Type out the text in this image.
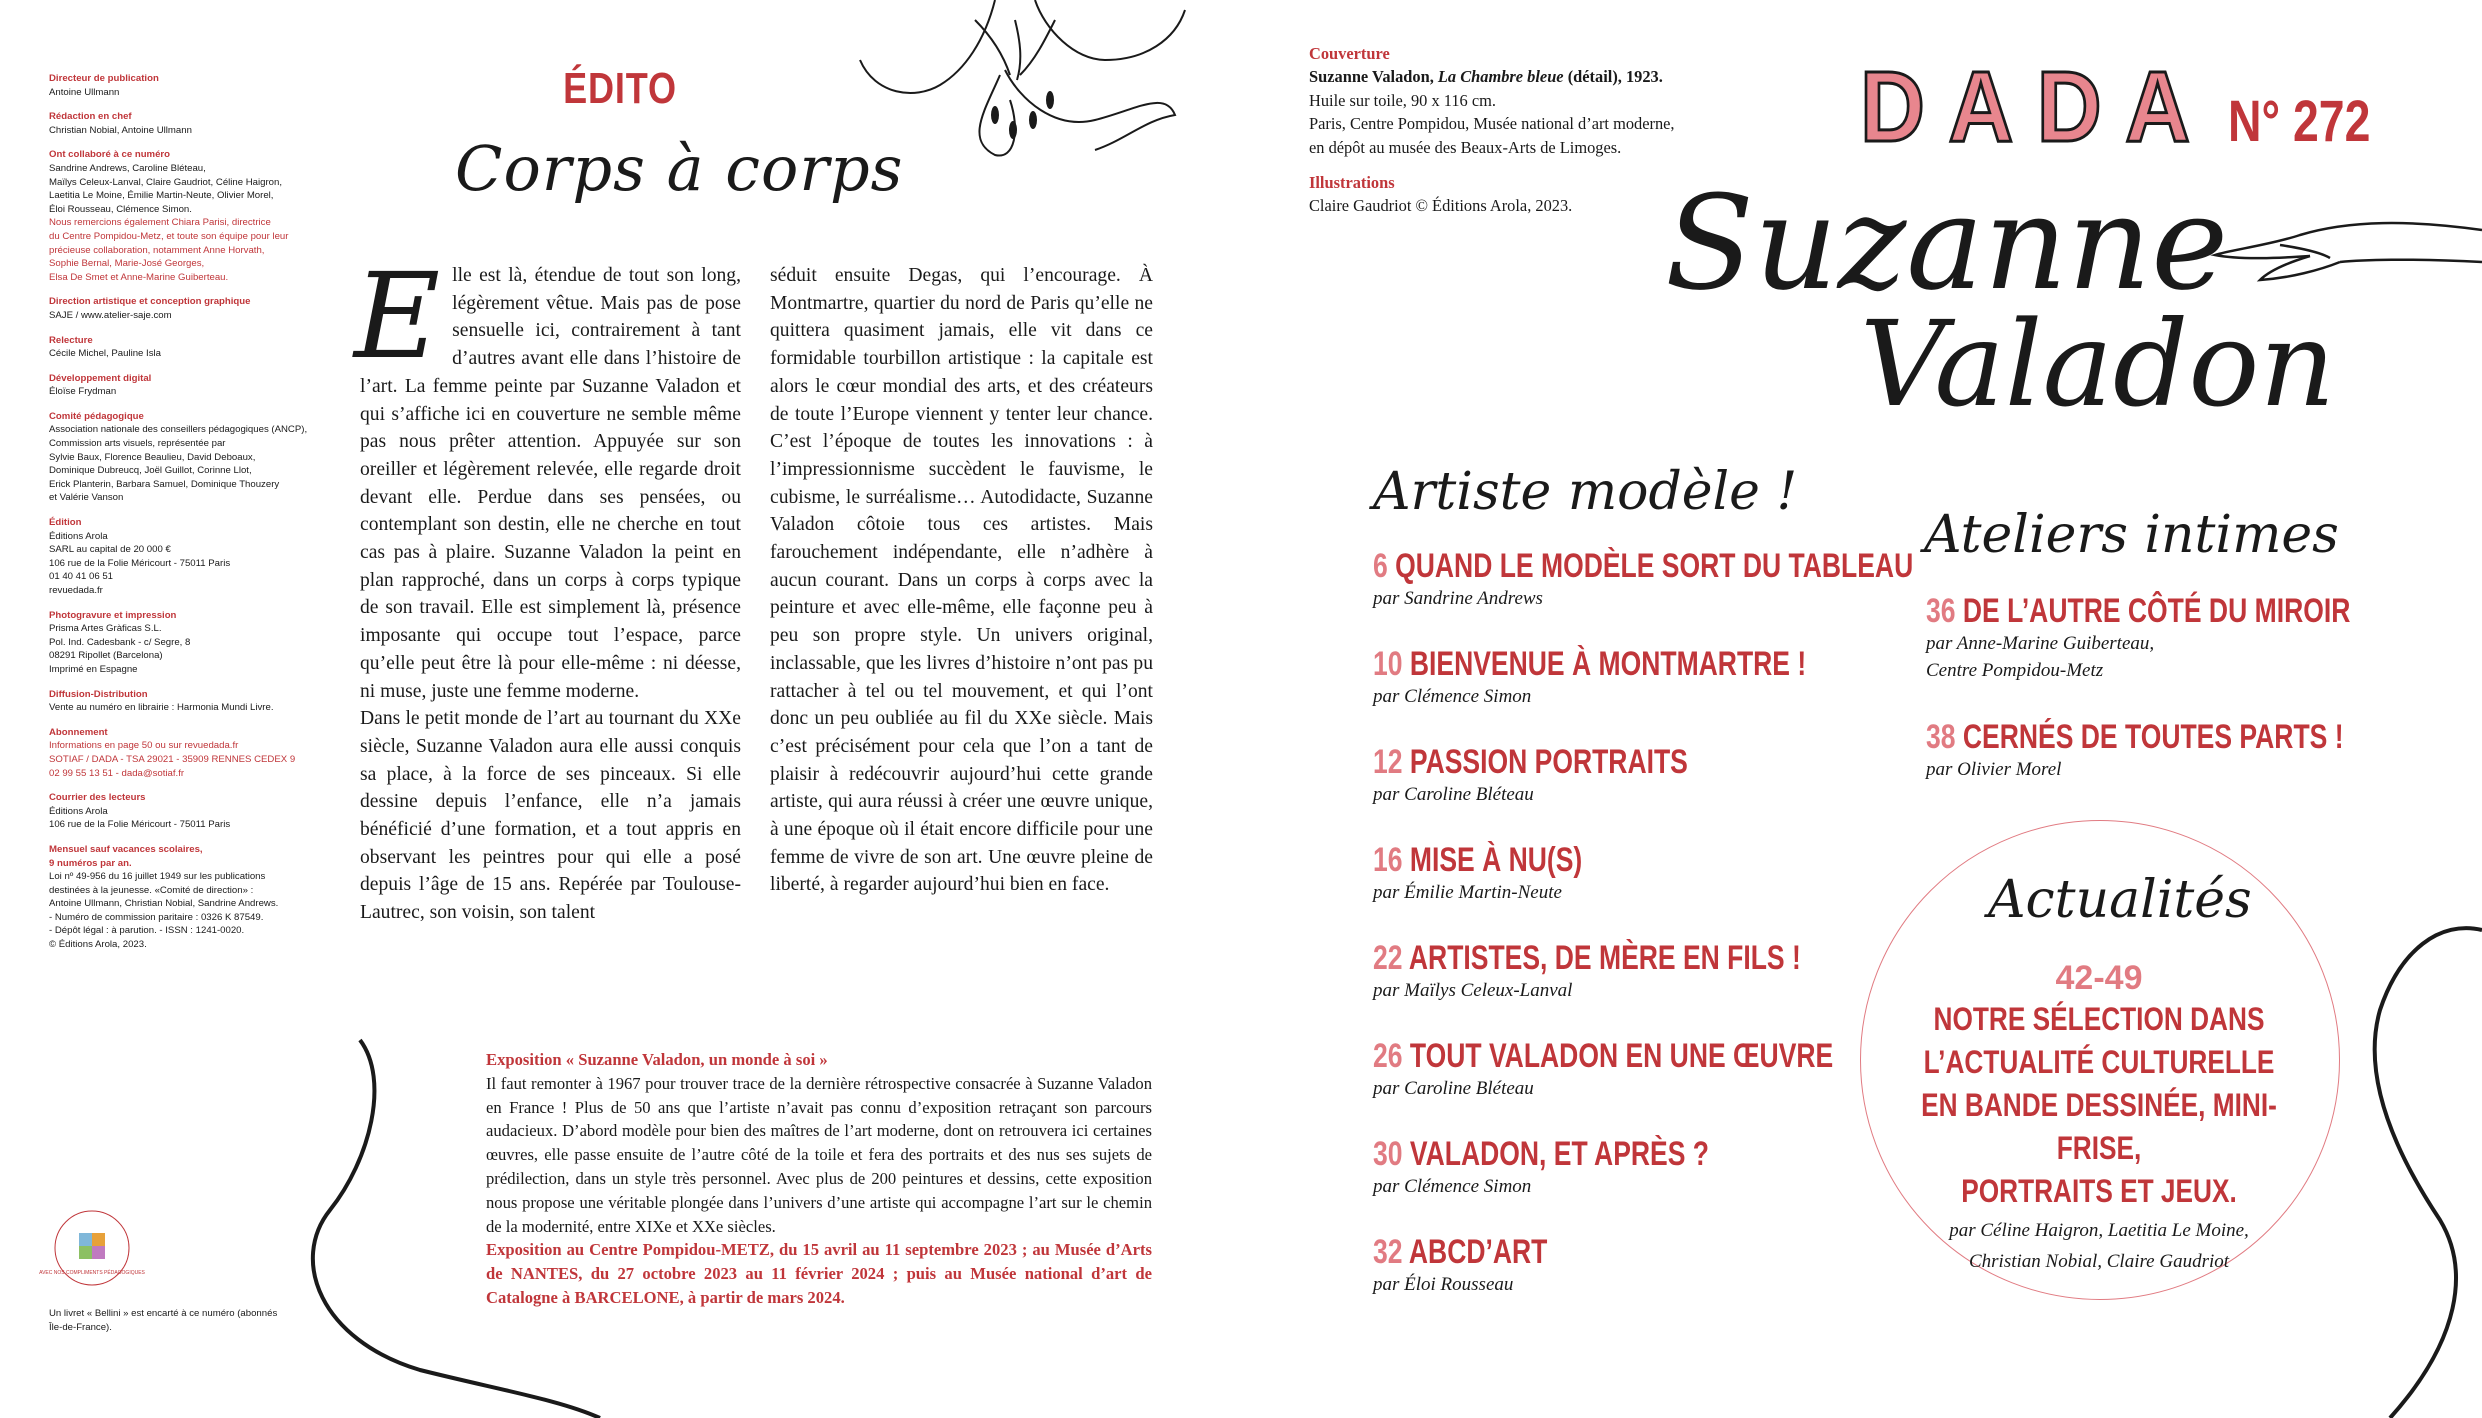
Directeur de publication
Antoine Ullmann
Rédaction en chef
Christian Nobial, Antoine Ullmann
Ont collaboré à ce numéro
Sandrine Andrews, Caroline Bléteau,
Maïlys Celeux-Lanval, Claire Gaudriot, Céline Haigron,
Laetitia Le Moine, Émilie Martin-Neute, Olivier Morel,
Éloi Rousseau, Clémence Simon.
Nous remercions également Chiara Parisi, directrice
du Centre Pompidou-Metz, et toute son équipe pour leur
précieuse collaboration, notamment Anne Horvath,
Sophie Bernal, Marie-José Georges,
Elsa De Smet et Anne-Marine Guiberteau.
Direction artistique et conception graphique
SAJE / www.atelier-saje.com
Relecture
Cécile Michel, Pauline Isla
Développement digital
Éloïse Frydman
Comité pédagogique
Association nationale des conseillers pédagogiques (ANCP),
Commission arts visuels, représentée par
Sylvie Baux, Florence Beaulieu, David Deboaux,
Dominique Dubreucq, Joël Guillot, Corinne Llot,
Erick Planterin, Barbara Samuel, Dominique Thouzery
et Valérie Vanson
Édition
Éditions Arola
SARL au capital de 20 000 €
106 rue de la Folie Méricourt - 75011 Paris
01 40 41 06 51
revuedada.fr
Photogravure et impression
Prisma Artes Gràficas S.L.
Pol. Ind. Cadesbank - c/ Segre, 8
08291 Ripollet (Barcelona)
Imprimé en Espagne
Diffusion-Distribution
Vente au numéro en librairie : Harmonia Mundi Livre.
Abonnement
Informations en page 50 ou sur revuedada.fr
SOTIAF / DADA - TSA 29021 - 35909 RENNES CEDEX 9
02 99 55 13 51 - dada@sotiaf.fr
Courrier des lecteurs
Éditions Arola
106 rue de la Folie Méricourt - 75011 Paris
Mensuel sauf vacances scolaires,
9 numéros par an.
Loi nº 49-956 du 16 juillet 1949 sur les publications
destinées à la jeunesse. «Comité de direction» :
Antoine Ullmann, Christian Nobial, Sandrine Andrews.
- Numéro de commission paritaire : 0326 K 87549.
- Dépôt légal : à parution. - ISSN : 1241-0020.
© Éditions Arola, 2023.
AVEC NOS COMPLIMENTS PÉDAGOGIQUES
Un livret « Bellini » est encarté à ce numéro (abonnés Île-de-France).
ÉDITO
Corps à corps
E lle est là, étendue de tout son long, légèrement vêtue. Mais pas de pose sensuelle ici, contrairement à tant d’autres avant elle dans l’histoire de l’art. La femme peinte par Suzanne Valadon et qui s’affiche ici en couverture ne semble même pas nous prêter attention. Appuyée sur son oreiller et légèrement relevée, elle regarde droit devant elle. Perdue dans ses pensées, ou contemplant son destin, elle ne cherche en tout cas pas à plaire. Suzanne Valadon la peint en plan rapproché, dans un corps à corps typique de son travail. Elle est simplement là, présence imposante qui occupe tout l’espace, parce qu’elle peut être là pour elle-même : ni déesse, ni muse, juste une femme moderne.

Dans le petit monde de l’art au tournant du XXe siècle, Suzanne Valadon aura elle aussi conquis sa place, à la force de ses pinceaux. Si elle dessine depuis l’enfance, elle n’a jamais bénéficié d’une formation, et a tout appris en observant les peintres pour qui elle a posé depuis l’âge de 15 ans. Repérée par Toulouse-Lautrec, son voisin, son talent

séduit ensuite Degas, qui l’encourage. À Montmartre, quartier du nord de Paris qu’elle ne quittera quasiment jamais, elle vit dans ce formidable tourbillon artistique : la capitale est alors le cœur mondial des arts, et des créateurs de toute l’Europe viennent y tenter leur chance. C’est l’époque de toutes les innovations : à l’impressionnisme succèdent le fauvisme, le cubisme, le surréalisme… Autodidacte, Suzanne Valadon côtoie tous ces artistes. Mais farouchement indépendante, elle n’adhère à aucun courant. Dans un corps à corps avec la peinture et avec elle-même, elle façonne peu à peu son propre style. Un univers original, inclassable, que les livres d’histoire n’ont pas pu rattacher à tel ou tel mouvement, et qui l’ont donc un peu oubliée au fil du XXe siècle. Mais c’est précisément pour cela que l’on a tant de plaisir à redécouvrir aujourd’hui cette grande artiste, qui aura réussi à créer une œuvre unique, à une époque où il était encore difficile pour une femme de vivre de son art. Une œuvre pleine de liberté, à regarder aujourd’hui bien en face.

Exposition « Suzanne Valadon, un monde à soi »
Il faut remonter à 1967 pour trouver trace de la dernière rétrospective consacrée à Suzanne Valadon en France ! Plus de 50 ans que l’artiste n’avait pas connu d’exposition retraçant son parcours audacieux. D’abord modèle pour bien des maîtres de l’art moderne, dont on retrouvera ici certaines œuvres, elle passe ensuite de l’autre côté de la toile et fera des portraits et des nus ses sujets de prédilection, dans un style très personnel. Avec plus de 200 peintures et dessins, cette exposition nous propose une véritable plongée dans l’univers d’une artiste qui accompagne l’art sur le chemin de la modernité, entre XIXe et XXe siècles.
Exposition au Centre Pompidou-METZ, du 15 avril au 11 septembre 2023 ; au Musée d’Arts de NANTES, du 27 octobre 2023 au 11 février 2024 ; puis au Musée national d’art de Catalogne à BARCELONE, à partir de mars 2024.
Couverture
Suzanne Valadon, La Chambre bleue (détail), 1923.
Huile sur toile, 90 x 116 cm.
Paris, Centre Pompidou, Musée national d’art moderne,
en dépôt au musée des Beaux-Arts de Limoges.
Illustrations
Claire Gaudriot © Éditions Arola, 2023.
DADA N° 272
Suzanne
Valadon
Artiste modèle !
Ateliers intimes
6 QUAND LE MODÈLE SORT DU TABLEAU
par Sandrine Andrews
10 BIENVENUE À MONTMARTRE !
par Clémence Simon
12 PASSION PORTRAITS
par Caroline Bléteau
16 MISE À NU(S)
par Émilie Martin-Neute
22 ARTISTES, DE MÈRE EN FILS !
par Maïlys Celeux-Lanval
26 TOUT VALADON EN UNE ŒUVRE
par Caroline Bléteau
30 VALADON, ET APRÈS ?
par Clémence Simon
32 ABCD’ART
par Éloi Rousseau
36 DE L’AUTRE CÔTÉ DU MIROIR
par Anne-Marine Guiberteau,
Centre Pompidou-Metz
38 CERNÉS DE TOUTES PARTS !
par Olivier Morel
Actualités
42-49
NOTRE SÉLECTION DANS
L’ACTUALITÉ CULTURELLE
EN BANDE DESSINÉE, MINI-FRISE,
PORTRAITS ET JEUX.
par Céline Haigron, Laetitia Le Moine,
Christian Nobial, Claire Gaudriot
